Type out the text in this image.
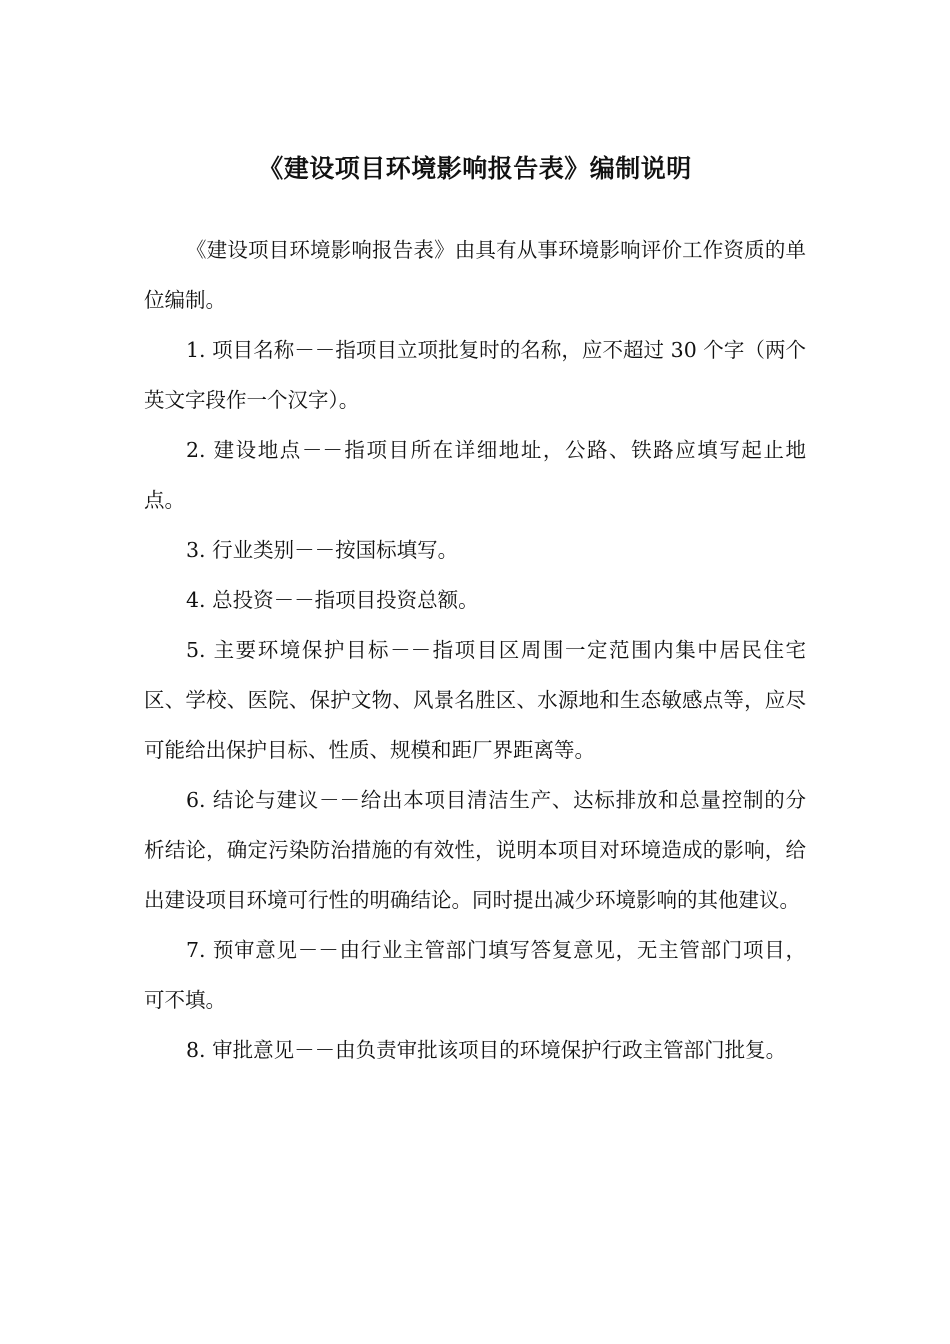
《建设项目环境影响报告表》编制说明

《建设项目环境影响报告表》由具有从事环境影响评价工作资质的单位编制。

1. 项目名称－－指项目立项批复时的名称，应不超过 30 个字（两个英文字段作一个汉字）。

2. 建设地点－－指项目所在详细地址，公路、铁路应填写起止地点。

3. 行业类别－－按国标填写。

4. 总投资－－指项目投资总额。

5. 主要环境保护目标－－指项目区周围一定范围内集中居民住宅区、学校、医院、保护文物、风景名胜区、水源地和生态敏感点等，应尽可能给出保护目标、性质、规模和距厂界距离等。

6. 结论与建议－－给出本项目清洁生产、达标排放和总量控制的分析结论，确定污染防治措施的有效性，说明本项目对环境造成的影响，给出建设项目环境可行性的明确结论。同时提出减少环境影响的其他建议。

7. 预审意见－－由行业主管部门填写答复意见，无主管部门项目，可不填。

8. 审批意见－－由负责审批该项目的环境保护行政主管部门批复。
